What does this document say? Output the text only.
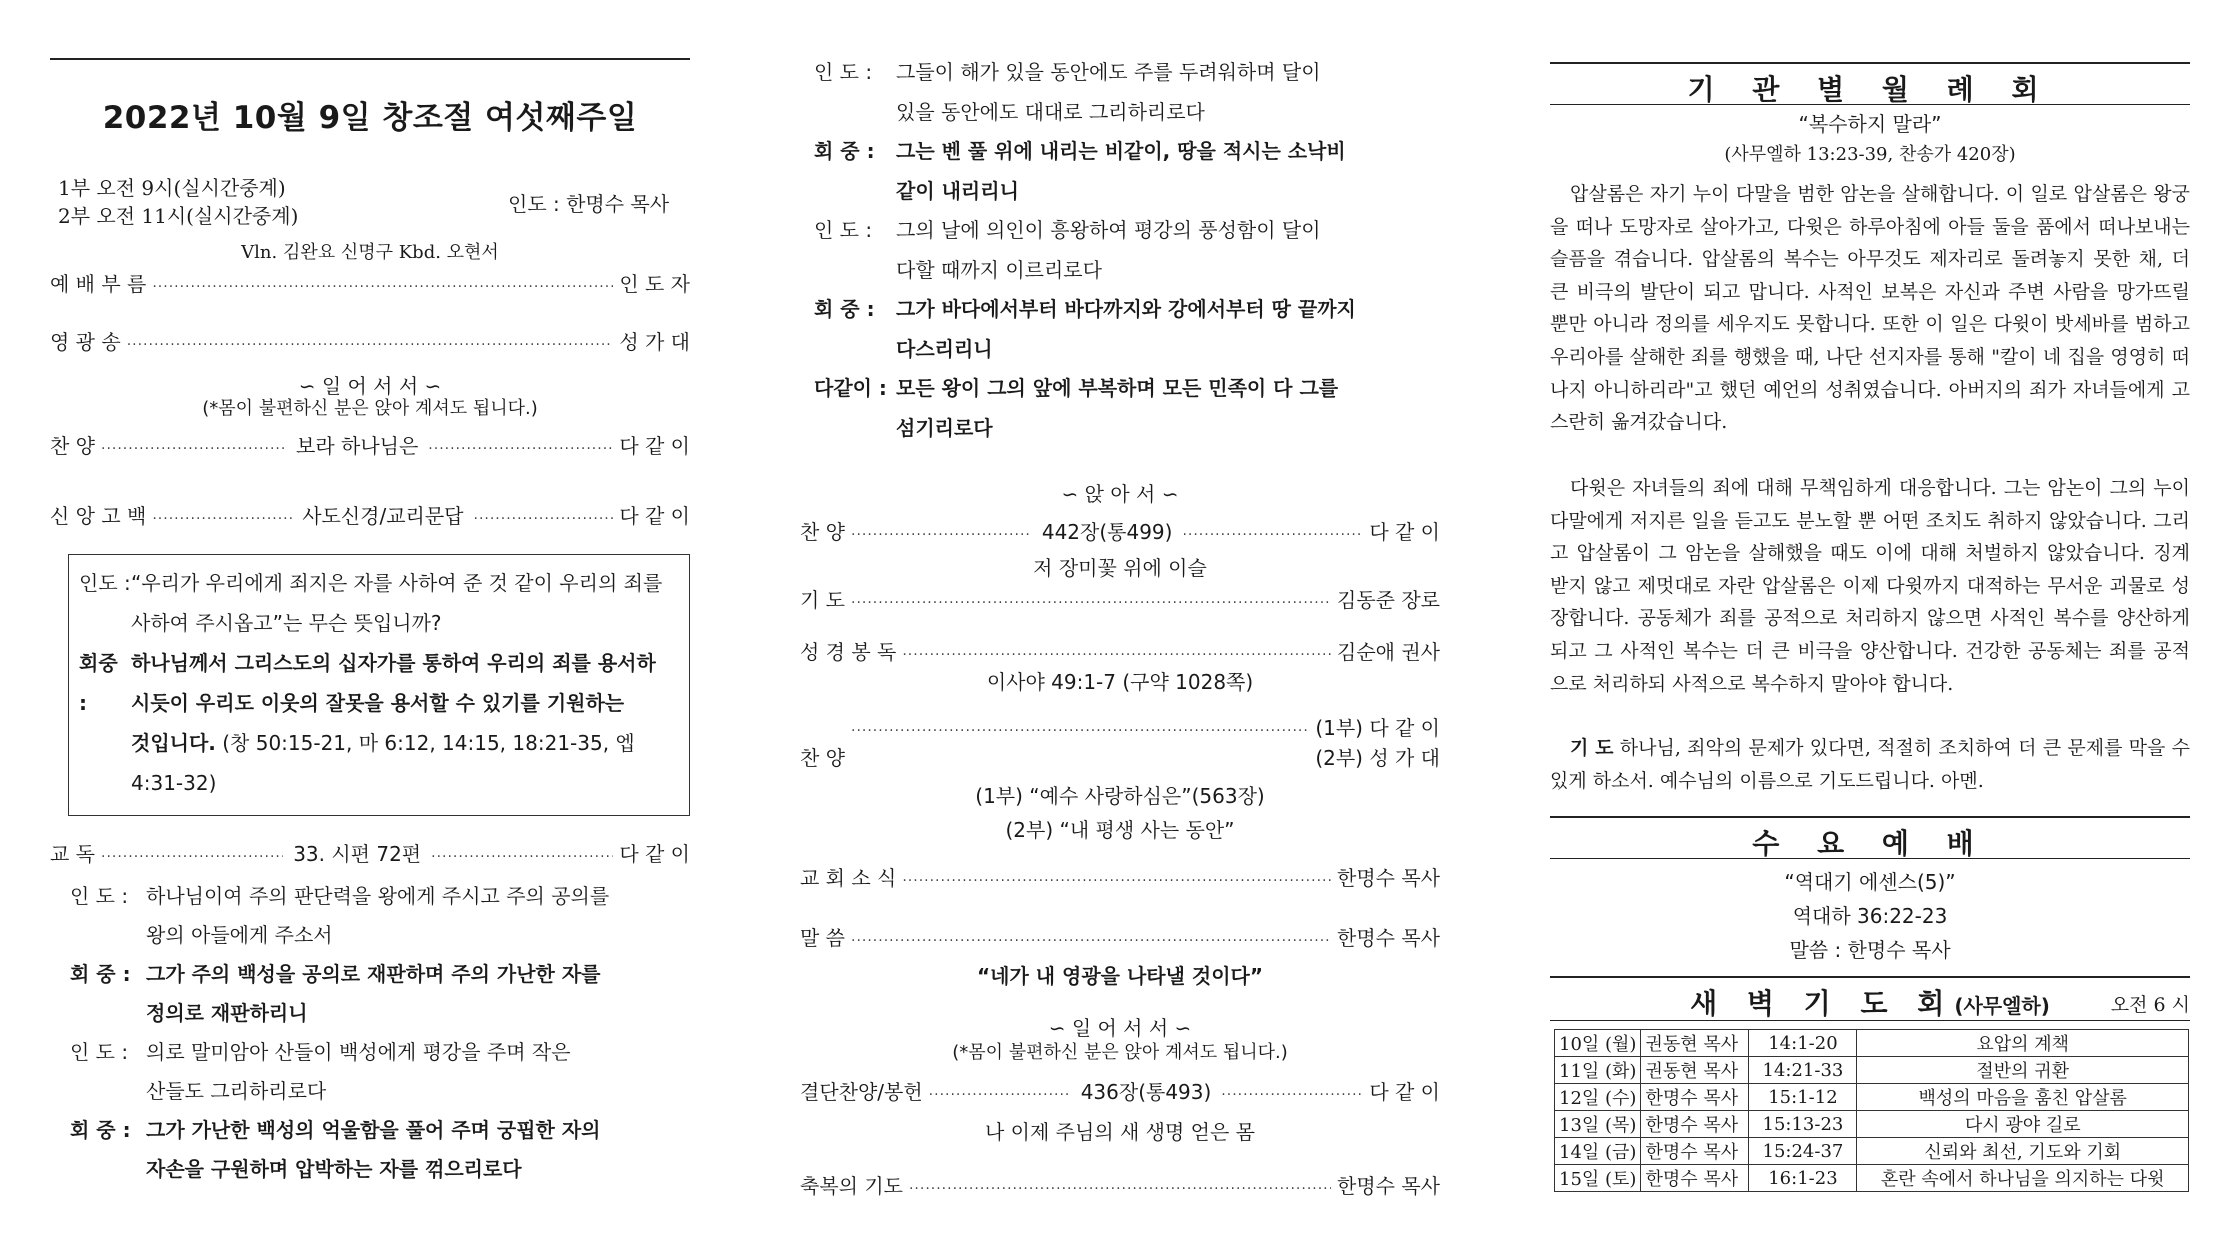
2022년 10월 9일 창조절 여섯째주일
1부 오전 9시(실시간중계)
2부 오전 11시(실시간중계)	인도 : 한명수 목사
Vln. 김완요 신명구 Kbd. 오현서
예 배 부 름 ·····	인 도 자
영 광 송 ·····	성 가 대
∽ 일 어 서 서 ∽
(*몸이 불편하신 분은 앉아 계셔도 됩니다.)
찬 양 ·····	보라 하나님은 ·····	다 같 이
신 앙 고 백 ·····	사도신경/교리문답 ·····	다 같 이
인도 : “우리가 우리에게 죄지은 자를 사하여 준 것 같이 우리의 죄를
사하여 주시옵고”는 무슨 뜻입니까?
회중 :
하나님께서 그리스도의 십자가를 통하여 우리의 죄를 용서하
시듯이 우리도 이웃의 잘못을 용서할 수 있기를 기원하는
것입니다. (창 50:15-21, 마 6:12, 14:15, 18:21-35, 엡
4:31-32)
교 독 ·····	33. 시편 72편 ·····	다 같 이
인 도 : 하나님이여 주의 판단력을 왕에게 주시고 주의 공의를
왕의 아들에게 주소서
회 중 : 그가 주의 백성을 공의로 재판하며 주의 가난한 자를
정의로 재판하리니
인 도 : 의로 말미암아 산들이 백성에게 평강을 주며 작은
산들도 그리하리로다
회 중 : 그가 가난한 백성의 억울함을 풀어 주며 궁핍한 자의
자손을 구원하며 압박하는 자를 꺾으리로다
인 도 :	그들이 해가 있을 동안에도 주를 두려워하며 달이
있을 동안에도 대대로 그리하리로다
회 중 :	그는 벤 풀 위에 내리는 비같이, 땅을 적시는 소낙비
같이 내리리니
인 도 :	그의 날에 의인이 흥왕하여 평강의 풍성함이 달이
다할 때까지 이르리로다
회 중 :	그가 바다에서부터 바다까지와 강에서부터 땅 끝까지
다스리리니
다같이 : 모든 왕이 그의 앞에 부복하며 모든 민족이 다 그를
섬기리로다
∽ 앉 아 서 ∽
찬 양 ·····	442장(통499) ·····	다 같 이
저 장미꽃 위에 이슬
기 도 ·····	김동준 장로
성 경 봉 독 ·····	김순애 권사
이사야 49:1-7 (구약 1028쪽)
·····
(1부) 다 같 이
찬 양	(2부) 성 가 대
(1부) “예수 사랑하심은”(563장)
(2부) “내 평생 사는 동안”
교 회 소 식 ·····	한명수 목사
말 씀 ·····	한명수 목사
“네가 내 영광을 나타낼 것이다”
∽ 일 어 서 서 ∽
(*몸이 불편하신 분은 앉아 계셔도 됩니다.)
결단찬양/봉헌 ·····	436장(통493) ·····	다 같 이
나 이제 주님의 새 생명 얻은 몸
축복의 기도 ·····	한명수 목사
기 관 별 월 례 회
“복수하지 말라”
(사무엘하 13:23-39, 찬송가 420장)
압살롬은 자기 누이 다말을 범한 암논을 살해합니다. 이 일로 압살롬은 왕궁을 떠나 도망자로 살아가고, 다윗은 하루아침에 아들 둘을 품에서 떠나보내는 슬픔을 겪습니다. 압살롬의 복수는 아무것도 제자리로 돌려놓지 못한 채, 더 큰 비극의 발단이 되고 맙니다. 사적인 보복은 자신과 주변 사람을 망가뜨릴 뿐만 아니라 정의를 세우지도 못합니다. 또한 이 일은 다윗이 밧세바를 범하고 우리아를 살해한 죄를 행했을 때, 나단 선지자를 통해 "칼이 네 집을 영영히 떠나지 아니하리라"고 했던 예언의 성취였습니다. 아버지의 죄가 자녀들에게 고스란히 옮겨갔습니다.
다윗은 자녀들의 죄에 대해 무책임하게 대응합니다. 그는 암논이 그의 누이 다말에게 저지른 일을 듣고도 분노할 뿐 어떤 조치도 취하지 않았습니다. 그리고 압살롬이 그 암논을 살해했을 때도 이에 대해 처벌하지 않았습니다. 징계 받지 않고 제멋대로 자란 압살롬은 이제 다윗까지 대적하는 무서운 괴물로 성장합니다. 공동체가 죄를 공적으로 처리하지 않으면 사적인 복수를 양산하게 되고 그 사적인 복수는 더 큰 비극을 양산합니다. 건강한 공동체는 죄를 공적으로 처리하되 사적으로 복수하지 말아야 합니다.
기 도 하나님, 죄악의 문제가 있다면, 적절히 조치하여 더 큰 문제를 막을 수 있게 하소서. 예수님의 이름으로 기도드립니다. 아멘.
수 요 예 배
“역대기 에센스(5)”
역대하 36:22-23
말씀 : 한명수 목사
새 벽 기 도 회(사무엘하)	오전 6 시
10일 (월)	권동현 목사	14:1-20	요압의 계책
11일 (화)	권동현 목사	14:21-33	절반의 귀환
12일 (수)	한명수 목사	15:1-12	백성의 마음을 훔친 압살롬
13일 (목)	한명수 목사	15:13-23	다시 광야 길로
14일 (금)	한명수 목사	15:24-37	신뢰와 최선, 기도와 기회
15일 (토)	한명수 목사	16:1-23	혼란 속에서 하나님을 의지하는 다윗
